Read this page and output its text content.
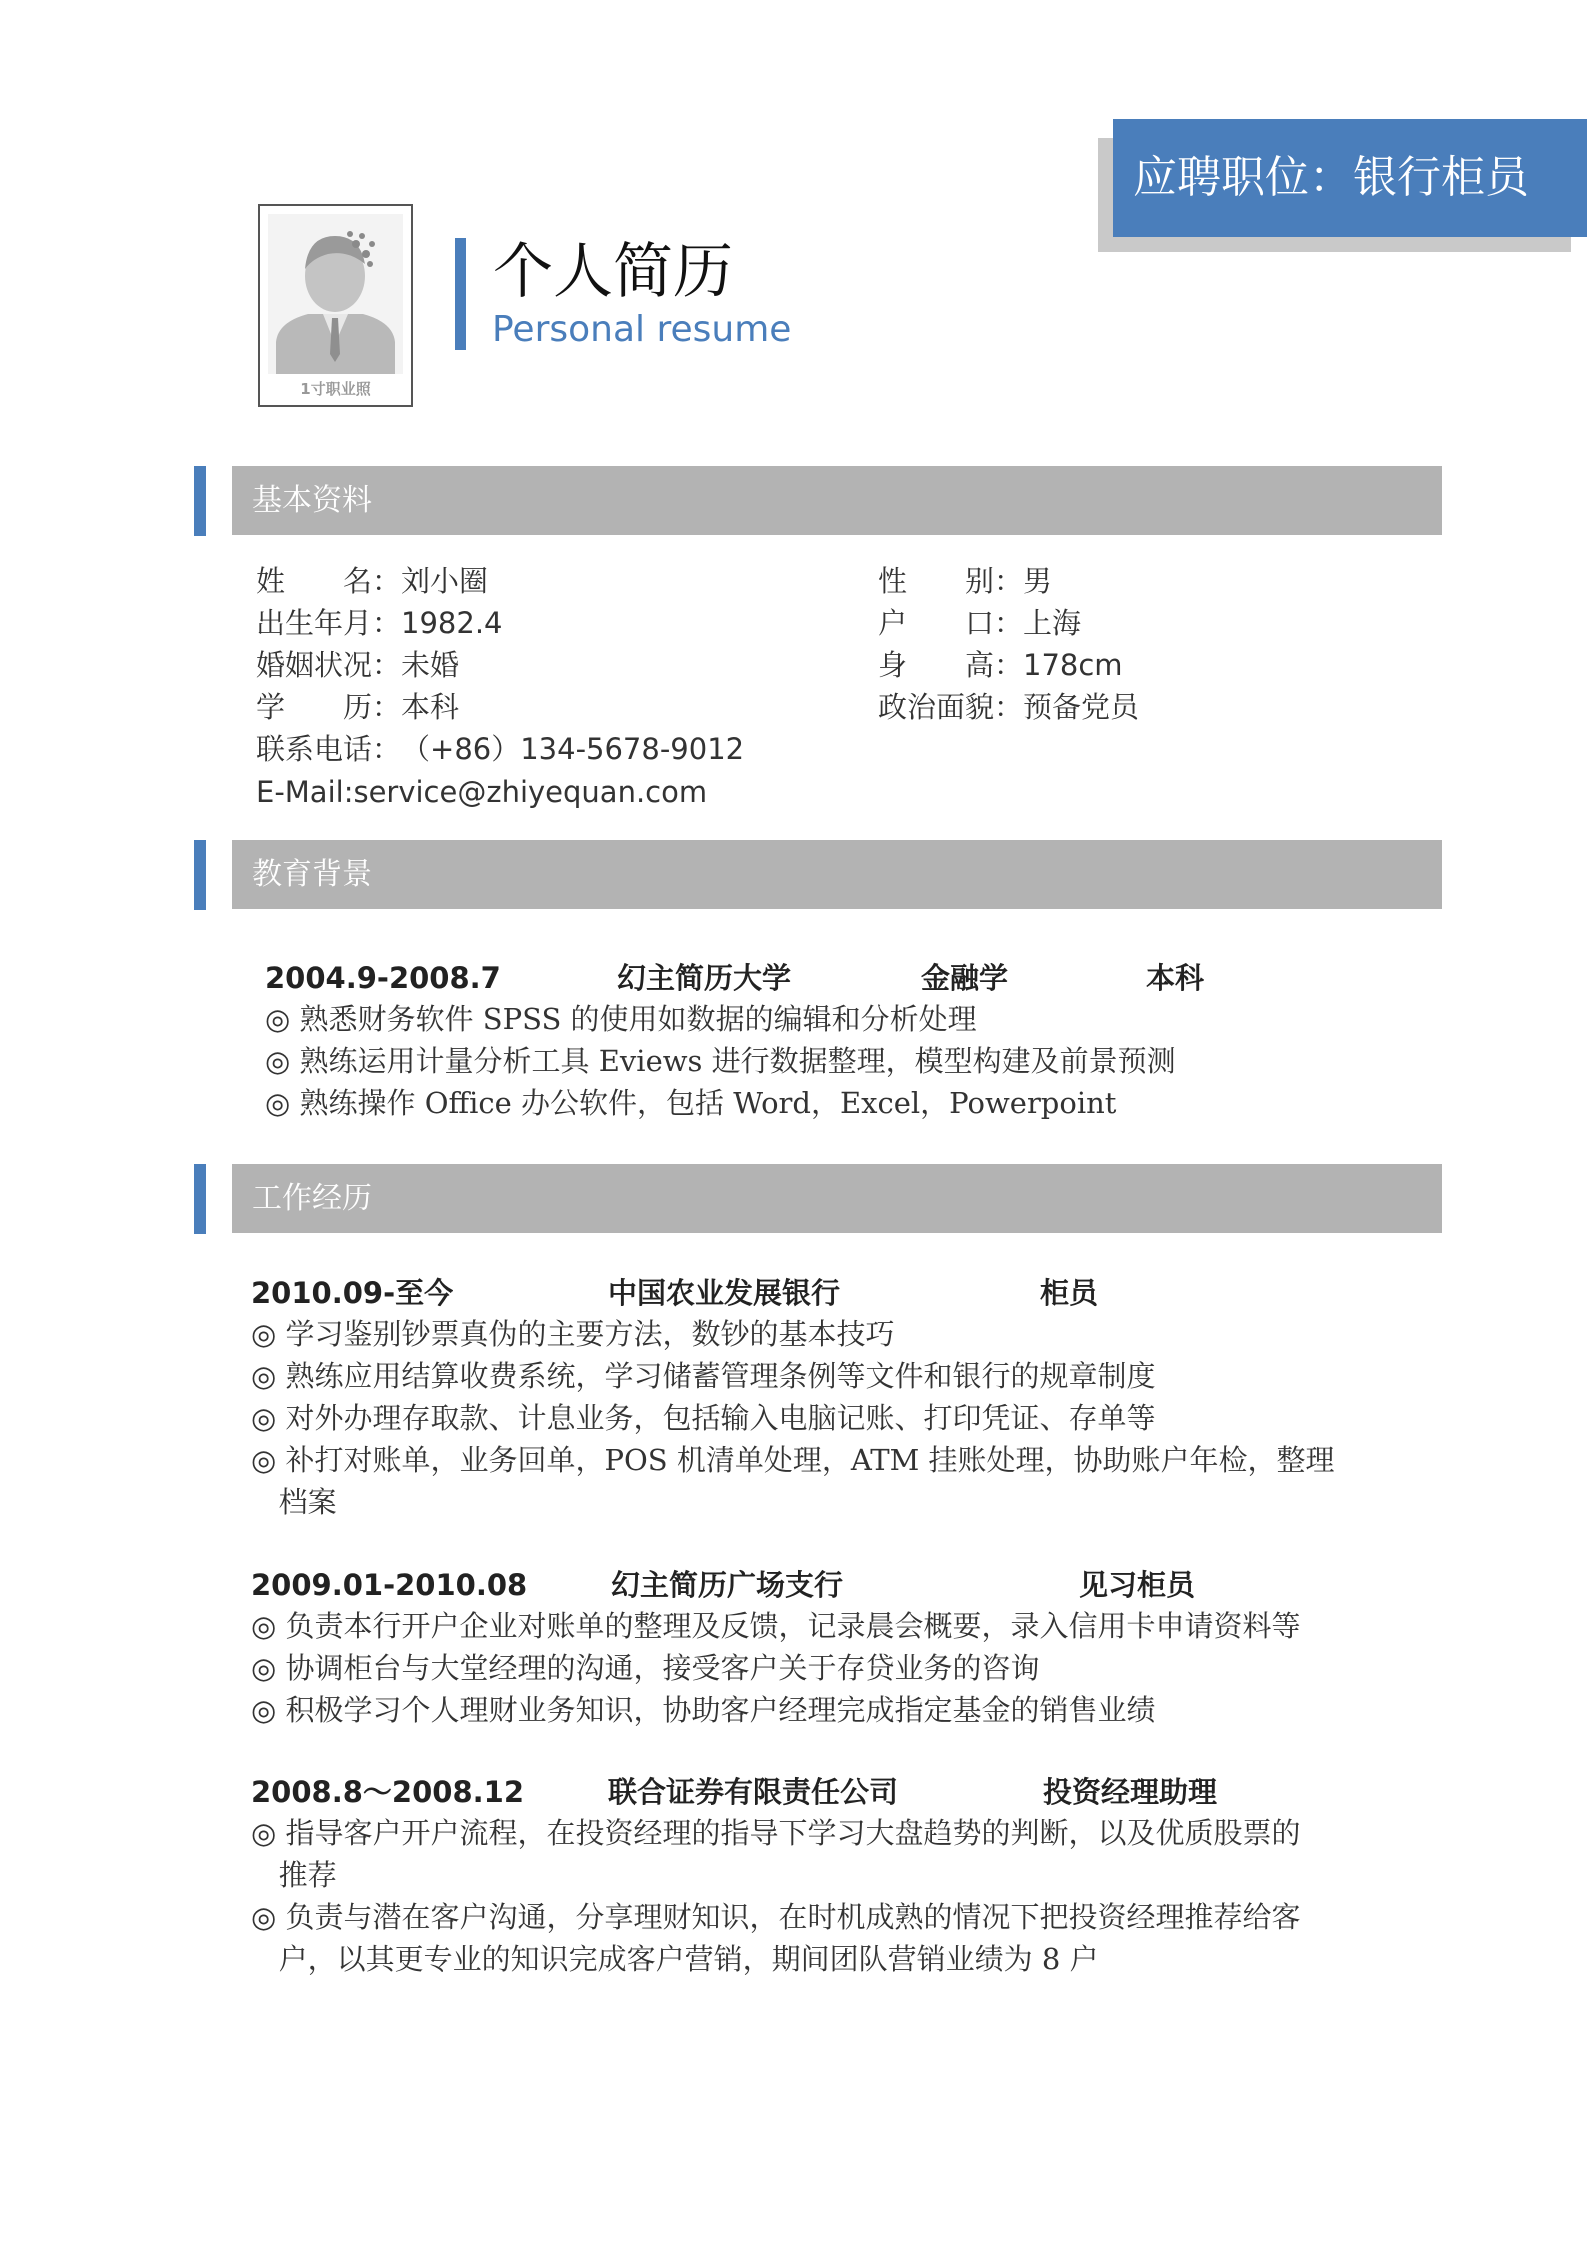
应聘职位：银行柜员
1寸职业照
个人简历
Personal resume
基本资料
姓　　名：刘小圈	性　　别：男
出生年月：1982.4	户　　口：上海
婚姻状况：未婚	身　　高：178cm
学　　历：本科	政治面貌：预备党员
联系电话：（+86）134-5678-9012
E-Mail:service@zhiyequan.com
教育背景
2004.9-2008.7	幻主简历大学	金融学	本科
◎ 熟悉财务软件 SPSS 的使用如数据的编辑和分析处理
◎ 熟练运用计量分析工具 Eviews 进行数据整理，模型构建及前景预测
◎ 熟练操作 Office 办公软件，包括 Word，Excel，Powerpoint
工作经历
2010.09-至今	中国农业发展银行	柜员
◎ 学习鉴别钞票真伪的主要方法，数钞的基本技巧
◎ 熟练应用结算收费系统，学习储蓄管理条例等文件和银行的规章制度
◎ 对外办理存取款、计息业务，包括输入电脑记账、打印凭证、存单等
◎ 补打对账单，业务回单，POS 机清单处理，ATM 挂账处理，协助账户年检，整理
档案
2009.01-2010.08	幻主简历广场支行	见习柜员
◎ 负责本行开户企业对账单的整理及反馈，记录晨会概要，录入信用卡申请资料等
◎ 协调柜台与大堂经理的沟通，接受客户关于存贷业务的咨询
◎ 积极学习个人理财业务知识，协助客户经理完成指定基金的销售业绩
2008.8～2008.12	联合证券有限责任公司	投资经理助理
◎ 指导客户开户流程，在投资经理的指导下学习大盘趋势的判断，以及优质股票的
推荐
◎ 负责与潜在客户沟通，分享理财知识，在时机成熟的情况下把投资经理推荐给客
户，以其更专业的知识完成客户营销，期间团队营销业绩为 8 户
